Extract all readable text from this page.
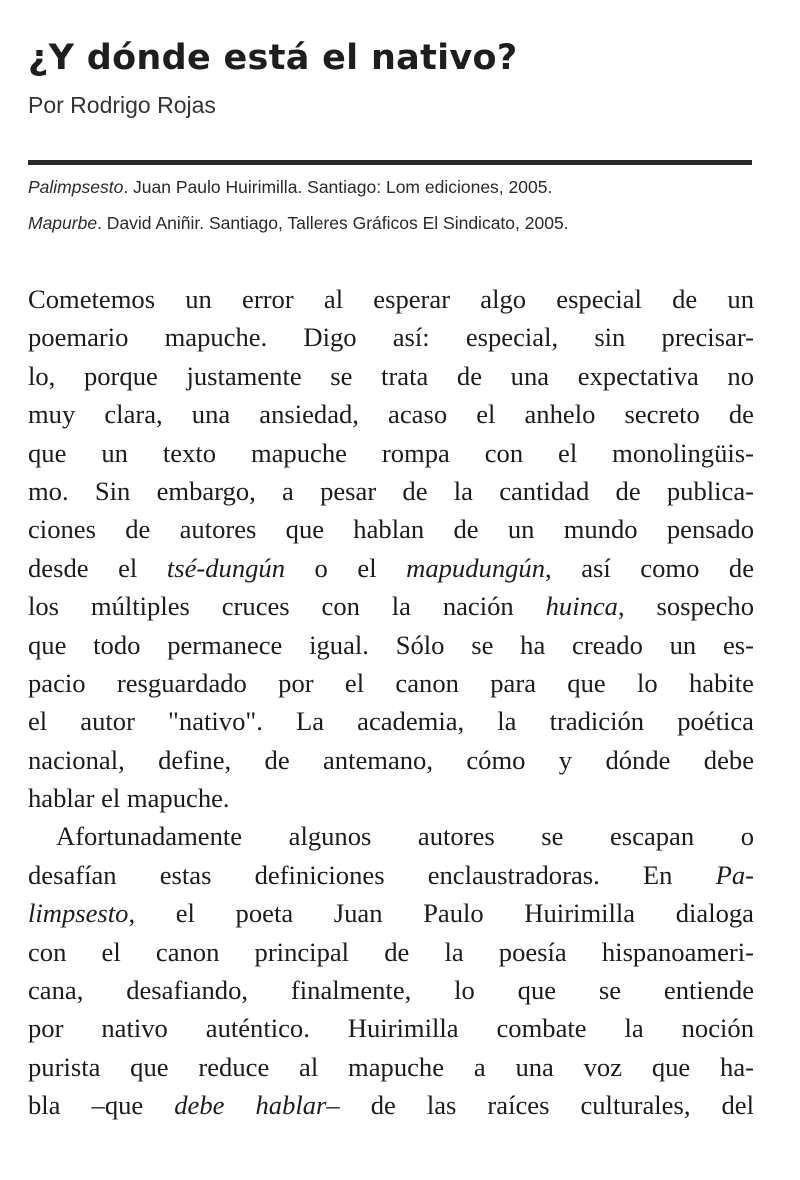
¿Y dónde está el nativo?
Por Rodrigo Rojas
Palimpsesto. Juan Paulo Huirimilla. Santiago: Lom ediciones, 2005.
Mapurbe. David Aniñir. Santiago, Talleres Gráficos El Sindicato, 2005.
Cometemos un error al esperar algo especial de un
poemario mapuche. Digo así: especial, sin precisar-
lo, porque justamente se trata de una expectativa no
muy clara, una ansiedad, acaso el anhelo secreto de
que un texto mapuche rompa con el monolingüis-
mo. Sin embargo, a pesar de la cantidad de publica-
ciones de autores que hablan de un mundo pensado
desde el tsé-dungún o el mapudungún, así como de
los múltiples cruces con la nación huinca, sospecho
que todo permanece igual. Sólo se ha creado un es-
pacio resguardado por el canon para que lo habite
el autor "nativo". La academia, la tradición poética
nacional, define, de antemano, cómo y dónde debe
hablar el mapuche.
Afortunadamente algunos autores se escapan o
desafían estas definiciones enclaustradoras. En Pa-
limpsesto, el poeta Juan Paulo Huirimilla dialoga
con el canon principal de la poesía hispanoameri-
cana, desafiando, finalmente, lo que se entiende
por nativo auténtico. Huirimilla combate la noción
purista que reduce al mapuche a una voz que ha-
bla –que debe hablar– de las raíces culturales, del
